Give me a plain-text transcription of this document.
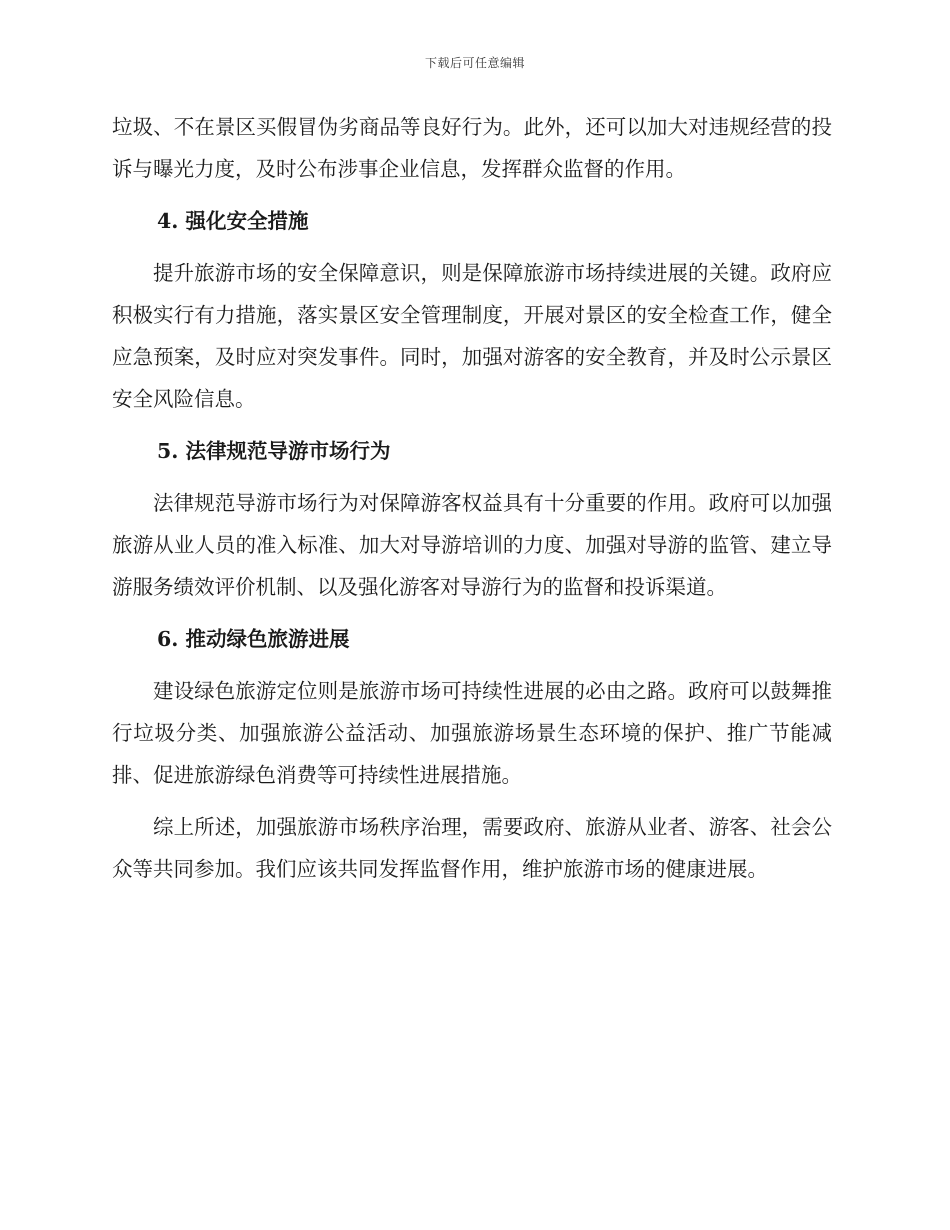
下载后可任意编辑

垃圾、不在景区买假冒伪劣商品等良好行为。此外，还可以加大对违规经营的投诉与曝光力度，及时公布涉事企业信息，发挥群众监督的作用。

4. 强化安全措施

提升旅游市场的安全保障意识，则是保障旅游市场持续进展的关键。政府应积极实行有力措施，落实景区安全管理制度，开展对景区的安全检查工作，健全应急预案，及时应对突发事件。同时，加强对游客的安全教育，并及时公示景区安全风险信息。

5. 法律规范导游市场行为

法律规范导游市场行为对保障游客权益具有十分重要的作用。政府可以加强旅游从业人员的准入标准、加大对导游培训的力度、加强对导游的监管、建立导游服务绩效评价机制、以及强化游客对导游行为的监督和投诉渠道。

6. 推动绿色旅游进展

建设绿色旅游定位则是旅游市场可持续性进展的必由之路。政府可以鼓舞推行垃圾分类、加强旅游公益活动、加强旅游场景生态环境的保护、推广节能减排、促进旅游绿色消费等可持续性进展措施。

综上所述，加强旅游市场秩序治理，需要政府、旅游从业者、游客、社会公众等共同参加。我们应该共同发挥监督作用，维护旅游市场的健康进展。
